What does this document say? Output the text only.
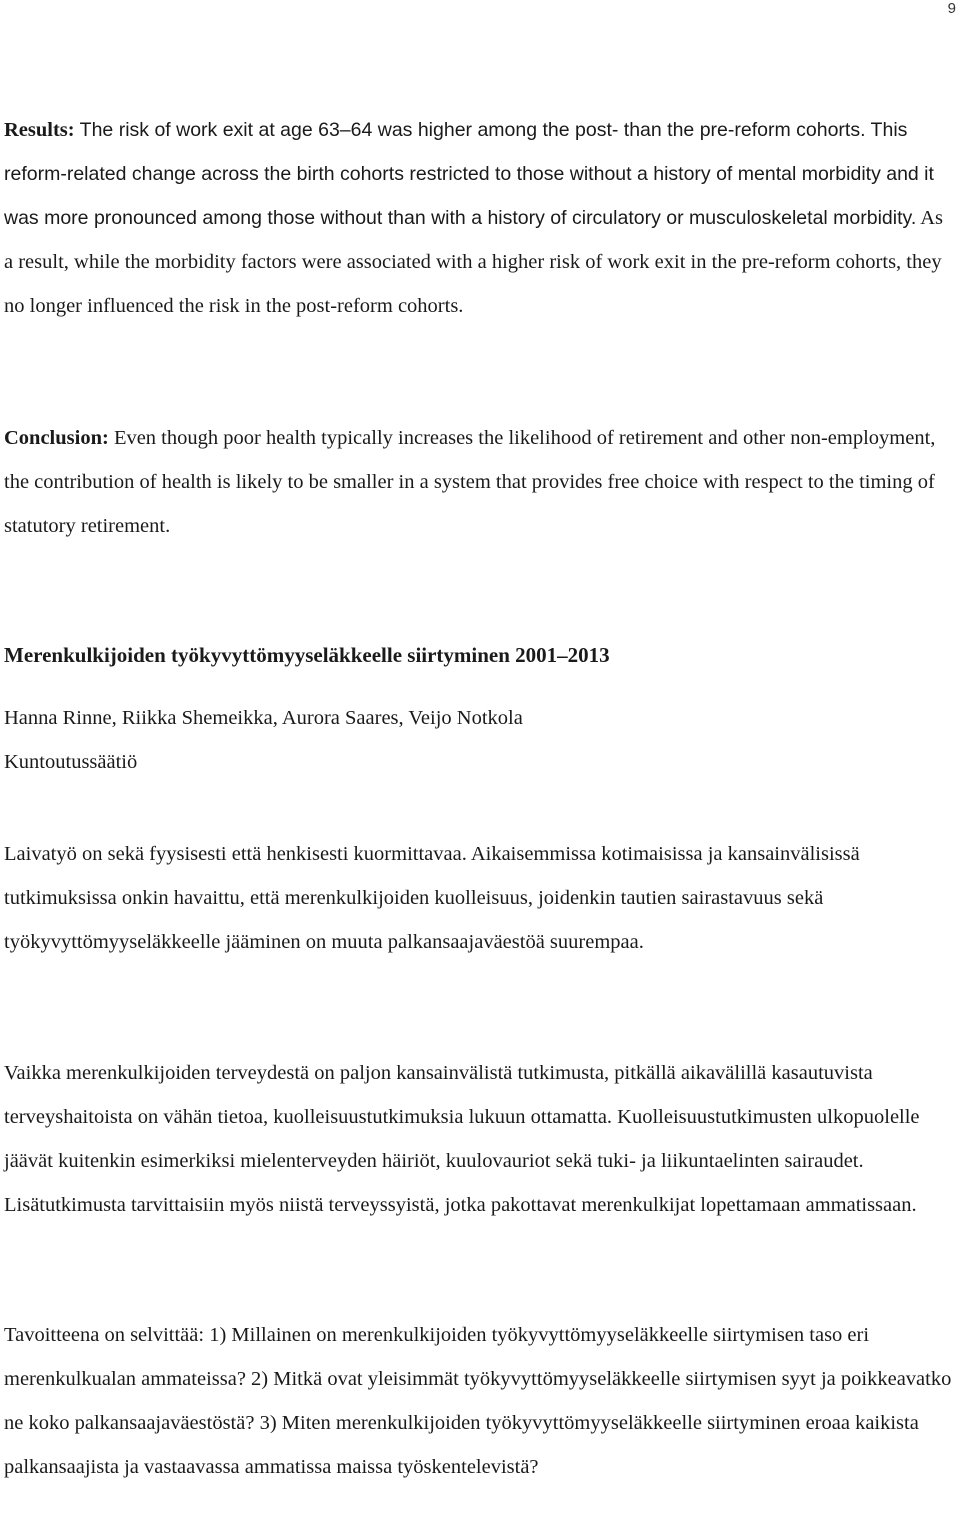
9

Results: The risk of work exit at age 63–64 was higher among the post- than the pre-reform cohorts. This reform-related change across the birth cohorts restricted to those without a history of mental morbidity and it was more pronounced among those without than with a history of circulatory or musculoskeletal morbidity. As a result, while the morbidity factors were associated with a higher risk of work exit in the pre-reform cohorts, they no longer influenced the risk in the post-reform cohorts.

Conclusion: Even though poor health typically increases the likelihood of retirement and other non-employment, the contribution of health is likely to be smaller in a system that provides free choice with respect to the timing of statutory retirement.

Merenkulkijoiden työkyvyttömyyseläkkeelle siirtyminen 2001–2013
Hanna Rinne, Riikka Shemeikka, Aurora Saares, Veijo Notkola
Kuntoutussäätiö

Laivatyö on sekä fyysisesti että henkisesti kuormittavaa. Aikaisemmissa kotimaisissa ja kansainvälisissä tutkimuksissa onkin havaittu, että merenkulkijoiden kuolleisuus, joidenkin tautien sairastavuus sekä työkyvyttömyyseläkkeelle jääminen on muuta palkansaajaväestöä suurempaa.

Vaikka merenkulkijoiden terveydestä on paljon kansainvälistä tutkimusta, pitkällä aikavälillä kasautuvista terveyshaitoista on vähän tietoa, kuolleisuustutkimuksia lukuun ottamatta. Kuolleisuustutkimusten ulkopuolelle jäävät kuitenkin esimerkiksi mielenterveyden häiriöt, kuulovauriot sekä tuki- ja liikuntaelinten sairaudet. Lisätutkimusta tarvittaisiin myös niistä terveyssyistä, jotka pakottavat merenkulkijat lopettamaan ammatissaan.

Tavoitteena on selvittää: 1) Millainen on merenkulkijoiden työkyvyttömyyseläkkeelle siirtymisen taso eri merenkulkualan ammateissa? 2) Mitkä ovat yleisimmät työkyvyttömyyseläkkeelle siirtymisen syyt ja poikkeavatko ne koko palkansaajaväestöstä? 3) Miten merenkulkijoiden työkyvyttömyyseläkkeelle siirtyminen eroaa kaikista palkansaajista ja vastaavassa ammatissa maissa työskentelevistä?
